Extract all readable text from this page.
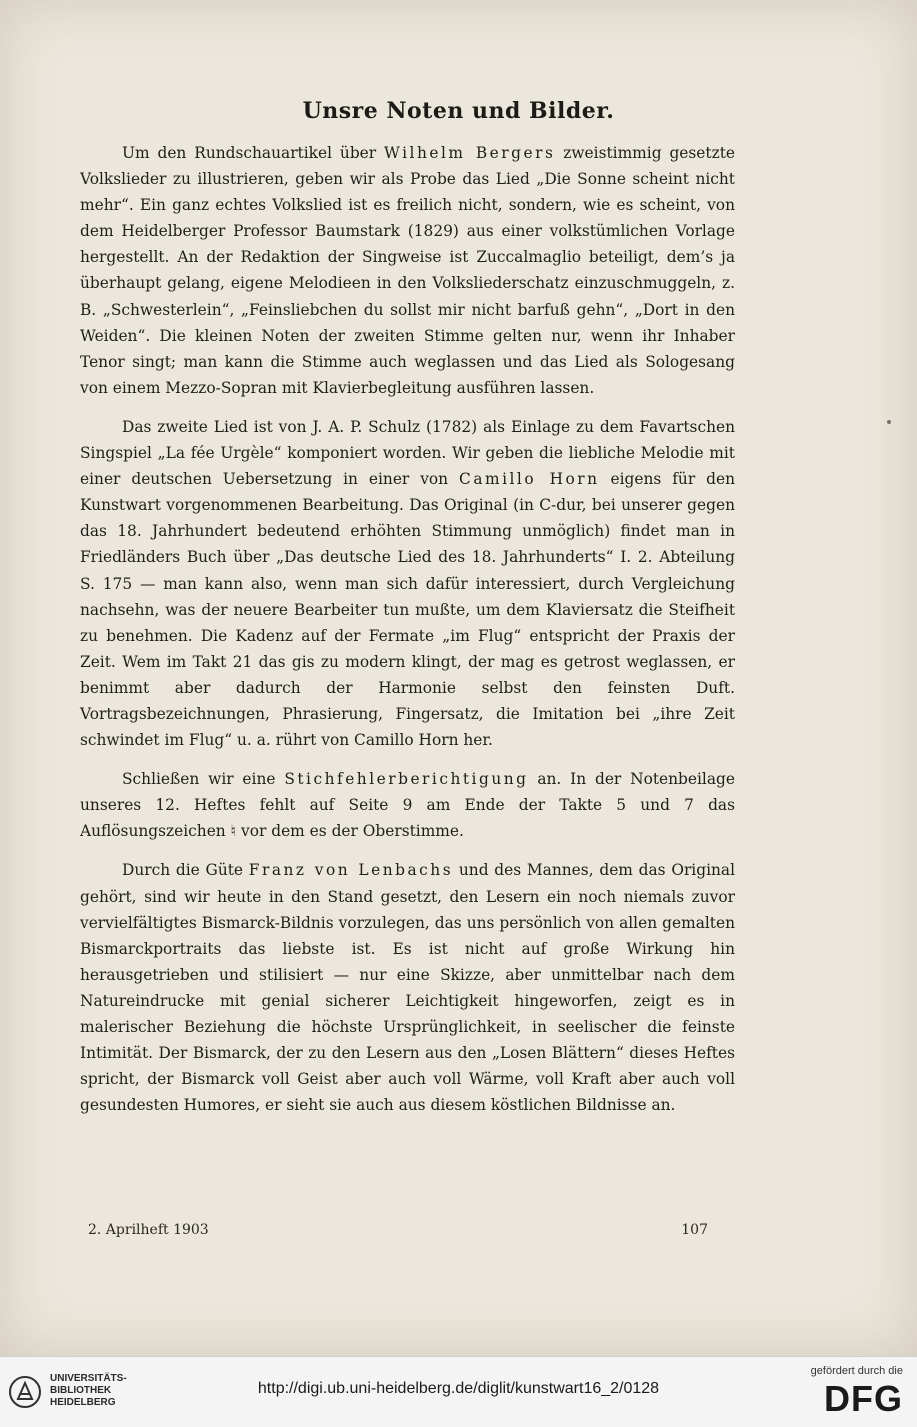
Unsre Noten und Bilder.

Um den Rundschauartikel über Wilhelm Bergers zweistimmig gesetzte Volkslieder zu illustrieren, geben wir als Probe das Lied „Die Sonne scheint nicht mehr“. Ein ganz echtes Volkslied ist es freilich nicht, sondern, wie es scheint, von dem Heidelberger Professor Baumstark (1829) aus einer volkstümlichen Vorlage hergestellt. An der Redaktion der Singweise ist Zuccalmaglio beteiligt, dem’s ja überhaupt gelang, eigene Melodieen in den Volksliederschatz einzuschmuggeln, z. B. „Schwesterlein“, „Feinsliebchen du sollst mir nicht barfuß gehn“, „Dort in den Weiden“. Die kleinen Noten der zweiten Stimme gelten nur, wenn ihr Inhaber Tenor singt; man kann die Stimme auch weglassen und das Lied als Sologesang von einem Mezzo-Sopran mit Klavierbegleitung ausführen lassen.

Das zweite Lied ist von J. A. P. Schulz (1782) als Einlage zu dem Favartschen Singspiel „La fée Urgèle“ komponiert worden. Wir geben die liebliche Melodie mit einer deutschen Uebersetzung in einer von Camillo Horn eigens für den Kunstwart vorgenommenen Bearbeitung. Das Original (in C-dur, bei unserer gegen das 18. Jahrhundert bedeutend erhöhten Stimmung unmöglich) findet man in Friedländers Buch über „Das deutsche Lied des 18. Jahrhunderts“ I. 2. Abteilung S. 175 — man kann also, wenn man sich dafür interessiert, durch Vergleichung nachsehn, was der neuere Bearbeiter tun mußte, um dem Klaviersatz die Steifheit zu benehmen. Die Kadenz auf der Fermate „im Flug“ entspricht der Praxis der Zeit. Wem im Takt 21 das gis zu modern klingt, der mag es getrost weglassen, er benimmt aber dadurch der Harmonie selbst den feinsten Duft. Vortragsbezeichnungen, Phrasierung, Fingersatz, die Imitation bei „ihre Zeit schwindet im Flug“ u. a. rührt von Camillo Horn her.

Schließen wir eine Stichfehlerberichtigung an. In der Notenbeilage unseres 12. Heftes fehlt auf Seite 9 am Ende der Takte 5 und 7 das Auflösungszeichen ♮ vor dem es der Oberstimme.

Durch die Güte Franz von Lenbachs und des Mannes, dem das Original gehört, sind wir heute in den Stand gesetzt, den Lesern ein noch niemals zuvor vervielfältigtes Bismarck-Bildnis vorzulegen, das uns persönlich von allen gemalten Bismarckportraits das liebste ist. Es ist nicht auf große Wirkung hin herausgetrieben und stilisiert — nur eine Skizze, aber unmittelbar nach dem Natureindrucke mit genial sicherer Leichtigkeit hingeworfen, zeigt es in malerischer Beziehung die höchste Ursprünglichkeit, in seelischer die feinste Intimität. Der Bismarck, der zu den Lesern aus den „Losen Blättern“ dieses Heftes spricht, der Bismarck voll Geist aber auch voll Wärme, voll Kraft aber auch voll gesundesten Humores, er sieht sie auch aus diesem köstlichen Bildnisse an.

2. Aprilheft 1903	107
UNIVERSITÄTS-
BIBLIOTHEK
HEIDELBERG
http://digi.ub.uni-heidelberg.de/diglit/kunstwart16_2/0128
gefördert durch die
DFG
